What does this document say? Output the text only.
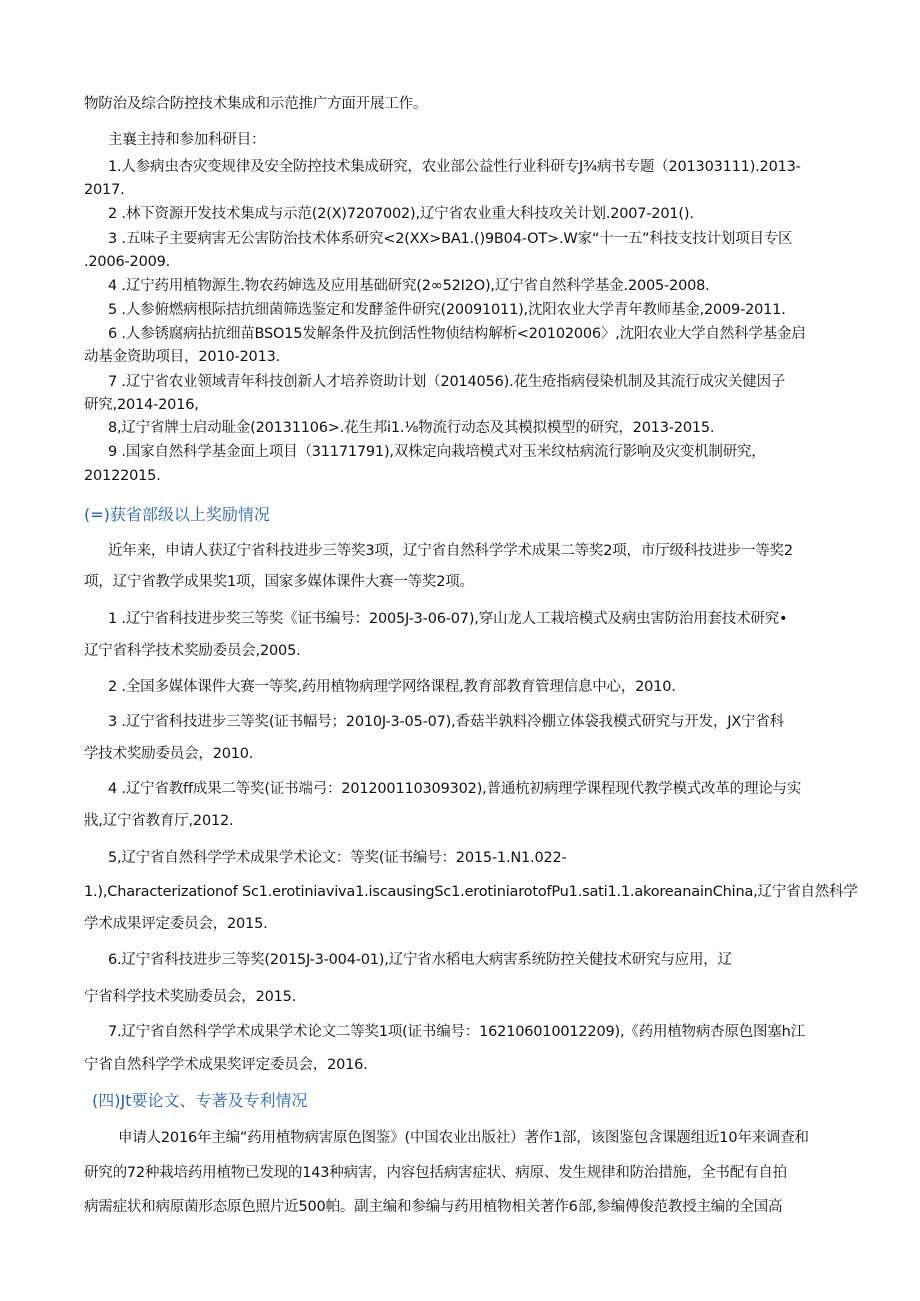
物防治及综合防控技术集成和示范推广方面开展工作。
主襄主持和参加科研目：
1.人参病虫杏灾变规律及安全防控技术集成研究，农业部公益性行业科研专J¾病书专题（201303111).2013-
2017.
2 .林下资源开发技术集成与示范(2(X)7207002),辽宁省农业重大科技攻关计划.2007-201().
3 .五味子主要病害无公害防治技术体系研究<2(XX>BA1.()9B04-OT>.W家“十一五”科技支技计划项目专区
.2006-2009.
4 .辽宁药用植物源生.物农药婶选及应用基础研究(2∞52I2O),辽宁省自然科学基金.2005-2008.
5 .人参俯燃病根际拮抗细菌筛选鉴定和发酵釜件研究(20091011),沈阳农业大学青年教师基金,2009-2011.
6 .人参锈腐病拈抗细苗BSO15发解条件及抗倒活性物侦结构解析<20102006〉,沈阳农业大学自然科学基金启
动基金资助项目，2010-2013.
7 .辽宁省农业领域青年科技创新人才培养资助计划（2014056).花生疮指病侵染机制及其流行成灾关健因子
研究,2014-2016,
8,辽宁省牌士启动耻金(20131106>.花生邦i1.⅛物流行动态及其模拟模型的研究，2013-2015.
9 .国家自然科学基金面上项目（31171791),双株定向栽培模式对玉米纹枯病流行影响及灾变机制研究，
20122015.
(=)获省部级以上奖励情况
近年来，申请人获辽宁省科技进步三等奖3项，辽宁省自然科学学术成果二等奖2项，市厅级科技进步一等奖2
项，辽宁省教学成果奖1项，国家多媒体课件大赛一等奖2项。
1 .辽宁省科技进步奖三等奖《证书编号：2005J-3-06-07),穿山龙人工栽培模式及病虫害防治用套技术研究•
辽宁省科学技术奖励委员会,2005.
2 .全国多媒体课件大赛一等奖,药用植物病理学网络课程,教育部教育管理信息中心，2010.
3 .辽宁省科技进步三等奖(证书幅号；2010J-3-05-07),香菇半孰料冷棚立体袋我模式研究与开发，JX宁省科
学技术奖励委员会，2010.
4 .辽宁省教ff成果二等奖(证书端弓：201200110309302),普通杭初病理学课程现代教学模式改革的理论与实
戕,辽宁省教育厅,2012.
5,辽宁省自然科学学术成果学术论文：等奖(证书编号：2015-1.N1.022-
1.),Characterizationof Sc1.erotiniaviva1.iscausingSc1.erotiniarotofPu1.sati1.1.akoreanainChina,辽宁省自然科学
学术成果评定委员会，2015.
6.辽宁省科技进步三等奖(2015J-3-004-01),辽宁省水稻电大病害系统防控关健技术研究与应用，辽
宁省科学技术奖励委员会，2015.
7.辽宁省自然科学学术成果学术论文二等奖1项(证书编号：162106010012209),《药用植物病杏原色图塞h江
宁省自然科学学术成果奖评定委员会，2016.
(四)Jt要论文、专著及专利情况
申请人2016年主编”药用植物病害原色图鉴》(中国农业出版社）著作1部，该图鉴包含课题组近10年来调查和
研究的72种栽培药用植物已发现的143种病害，内容包括病害症状、病原、发生规律和防治措施，全书配有自拍
病需症状和病原菌形态原色照片近500帕。副主编和参编与药用植物相关著作6部,参编傅俊范教授主编的全国高
